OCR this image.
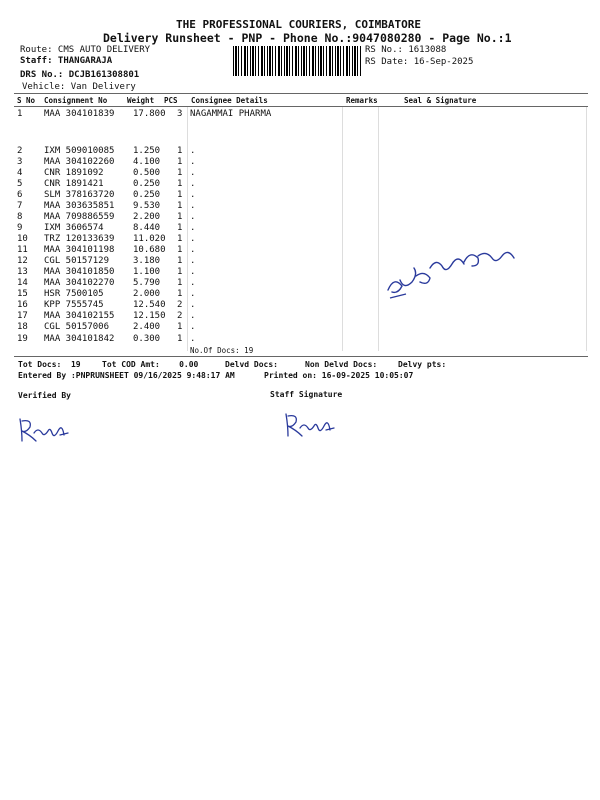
THE PROFESSIONAL COURIERS, COIMBATORE
Delivery Runsheet - PNP - Phone No.:9047080280 - Page No.:1
Route: CMS AUTO DELIVERY
Staff: THANGARAJA
DRS No.: DCJB161308801
Vehicle: Van Delivery
RS No.: 1613088
RS Date: 16-Sep-2025
S No Consignment No	Weight PCS Consignee Details	Remarks	Seal & Signature
1 MAA 304101839 17.800 3 NAGAMMAI PHARMA
2 IXM 509010085 1.250 1 .
3 MAA 304102260 4.100 1 .
4 CNR 1891092	0.500 1 .
5 CNR 1891421	0.250 1 .
6 SLM 378163720 0.250 1 .
7 MAA 303635851 9.530 1 .
8 MAA 709886559 2.200 1 .
9 IXM 3606574	8.440 1 .
10 TRZ 120133639 11.020 1 .
11 MAA 304101198 10.680 1 .
12 CGL 50157129	3.180 1 .
13 MAA 304101850 1.100 1 .
14 MAA 304102270 5.790 1 .
15 HSR 7500105	2.000 1 .
16 KPP 7555745	12.540 2 .
17 MAA 304102155 12.150 2 .
18 CGL 50157006	2.400 1 .
19 MAA 304101842 0.300 1 .
No.Of Docs: 19
Tot Docs:  19	Tot COD Amt:    0.00	Delvd Docs:	Non Delvd Docs:	Delvy pts:
Entered By :PNPRUNSHEET 09/16/2025 9:48:17 AM	Printed on: 16-09-2025 10:05:07
Verified By	Staff Signature
